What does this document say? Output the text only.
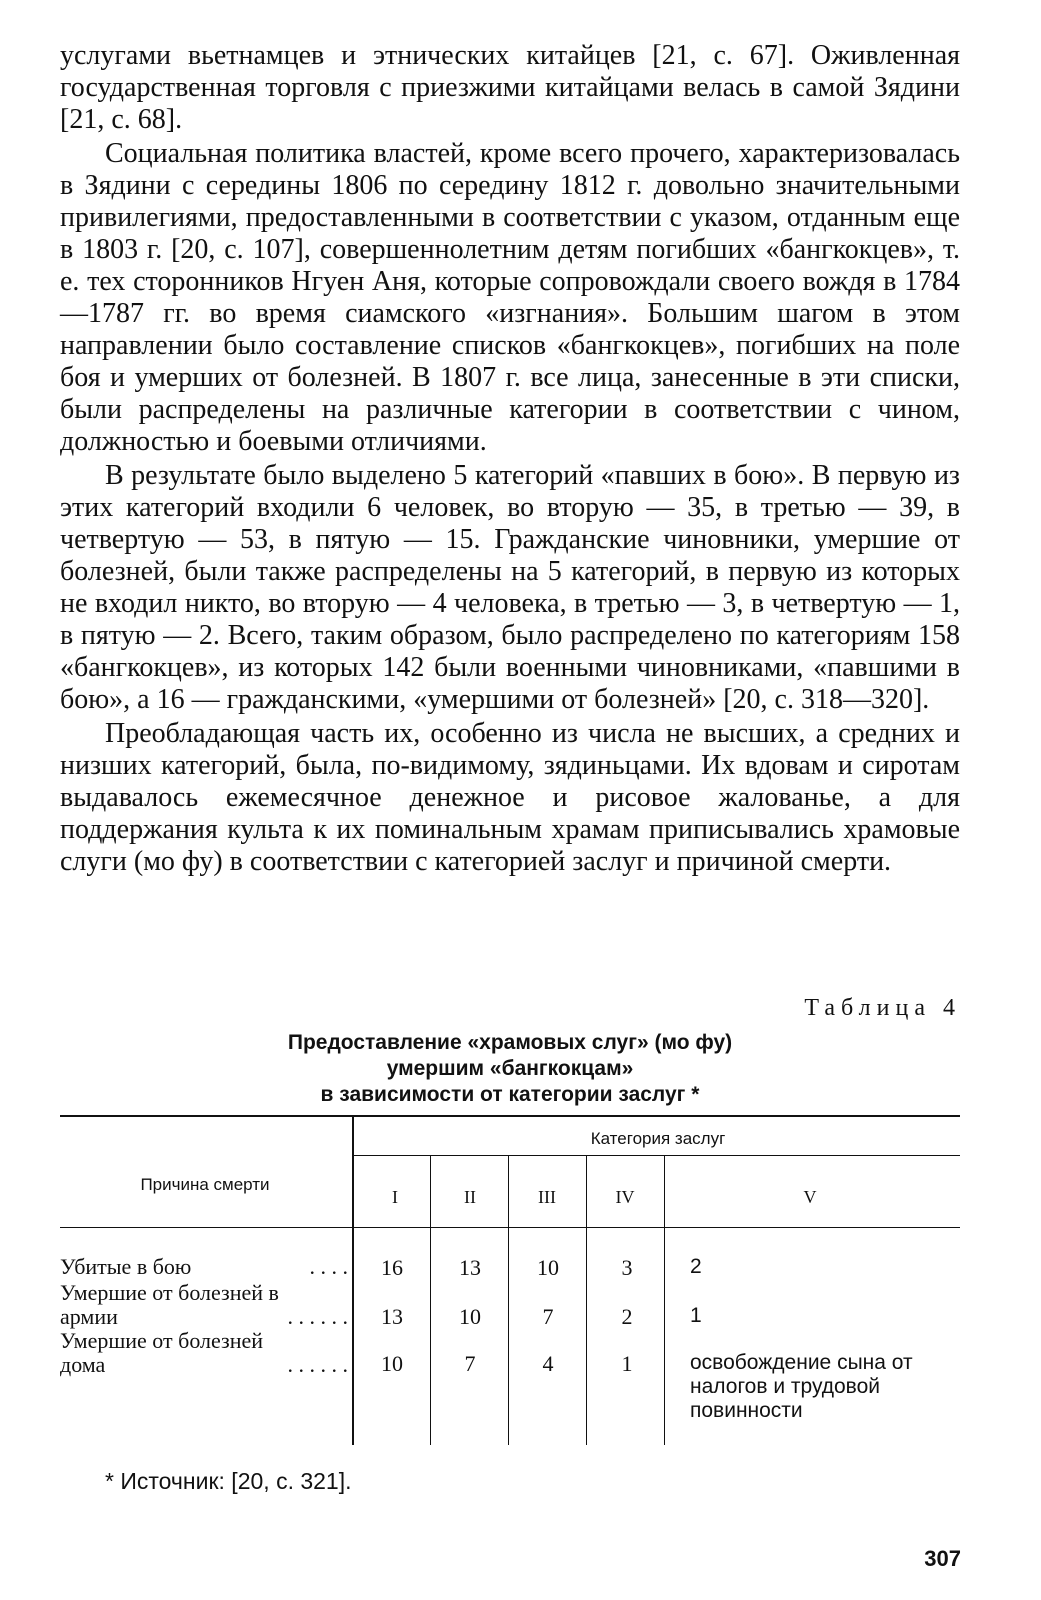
услугами вьетнамцев и этнических китайцев [21, с. 67]. Оживленная государственная торговля с приезжими китайцами велась в самой Зядини [21, с. 68].

Социальная политика властей, кроме всего прочего, характеризовалась в Зядини с середины 1806 по середину 1812 г. довольно значительными привилегиями, предоставленными в соответствии с указом, отданным еще в 1803 г. [20, с. 107], совершеннолетним детям погибших «бангкокцев», т. е. тех сторонников Нгуен Аня, которые сопровождали своего вождя в 1784—1787 гг. во время сиамского «изгнания». Большим шагом в этом направлении было составление списков «бангкокцев», погибших на поле боя и умерших от болезней. В 1807 г. все лица, занесенные в эти списки, были распределены на различные категории в соответствии с чином, должностью и боевыми отличиями.

В результате было выделено 5 категорий «павших в бою». В первую из этих категорий входили 6 человек, во вторую — 35, в третью — 39, в четвертую — 53, в пятую — 15. Гражданские чиновники, умершие от болезней, были также распределены на 5 категорий, в первую из которых не входил никто, во вторую — 4 человека, в третью — 3, в четвертую — 1, в пятую — 2. Всего, таким образом, было распределено по категориям 158 «бангкокцев», из которых 142 были военными чиновниками, «павшими в бою», а 16 — гражданскими, «умершими от болезней» [20, с. 318—320].

Преобладающая часть их, особенно из числа не высших, а средних и низших категорий, была, по-видимому, зядиньцами. Их вдовам и сиротам выдавалось ежемесячное денежное и рисовое жалованье, а для поддержания культа к их поминальным храмам приписывались храмовые слуги (мо фу) в соответствии с категорией заслуг и причиной смерти.

Таблица 4
Предоставление «храмовых слуг» (мо фу)
умершим «бангкокцам»
в зависимости от категории заслуг *
Причина смерти
Категория заслуг
I	II	III	IV	V
Убитые в бою	. . . .	16	13	10	3	2
Умершие от болезней в
армии	. . . . . .	13	10	7	2	1
Умершие от болезней
дома	. . . . . .	10	7	4	1	освобождение сына от налогов и трудовой повинности
* Источник: [20, с. 321].
307
